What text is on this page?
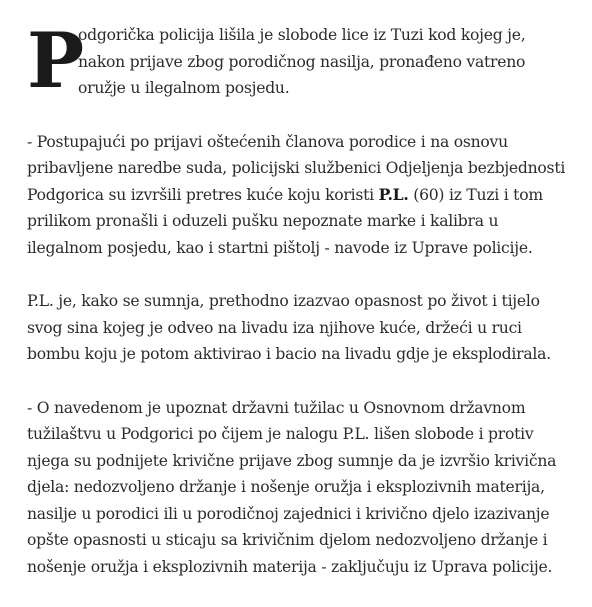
P
odgorička policija lišila je slobode lice iz Tuzi kod kojeg je, nakon prijave zbog porodičnog nasilja, pronađeno vatreno oružje u ilegalnom posjedu.

- Postupajući po prijavi oštećenih članova porodice i na osnovu pribavljene naredbe suda, policijski službenici Odjeljenja bezbjednosti Podgorica su izvršili pretres kuće koju koristi P.L. (60) iz Tuzi i tom prilikom pronašli i oduzeli pušku nepoznate marke i kalibra u ilegalnom posjedu, kao i startni pištolj - navode iz Uprave policije.

P.L. je, kako se sumnja, prethodno izazvao opasnost po život i tijelo svog sina kojeg je odveo na livadu iza njihove kuće, držeći u ruci bombu koju je potom aktivirao i bacio na livadu gdje je eksplodirala.

- O navedenom je upoznat državni tužilac u Osnovnom državnom tužilaštvu u Podgorici po čijem je nalogu P.L. lišen slobode i protiv njega su podnijete krivične prijave zbog sumnje da je izvršio krivična djela: nedozvoljeno držanje i nošenje oružja i eksplozivnih materija, nasilje u porodici ili u porodičnoj zajednici i krivično djelo izazivanje opšte opasnosti u sticaju sa krivičnim djelom nedozvoljeno držanje i nošenje oružja i eksplozivnih materija - zaključuju iz Uprava policije.
